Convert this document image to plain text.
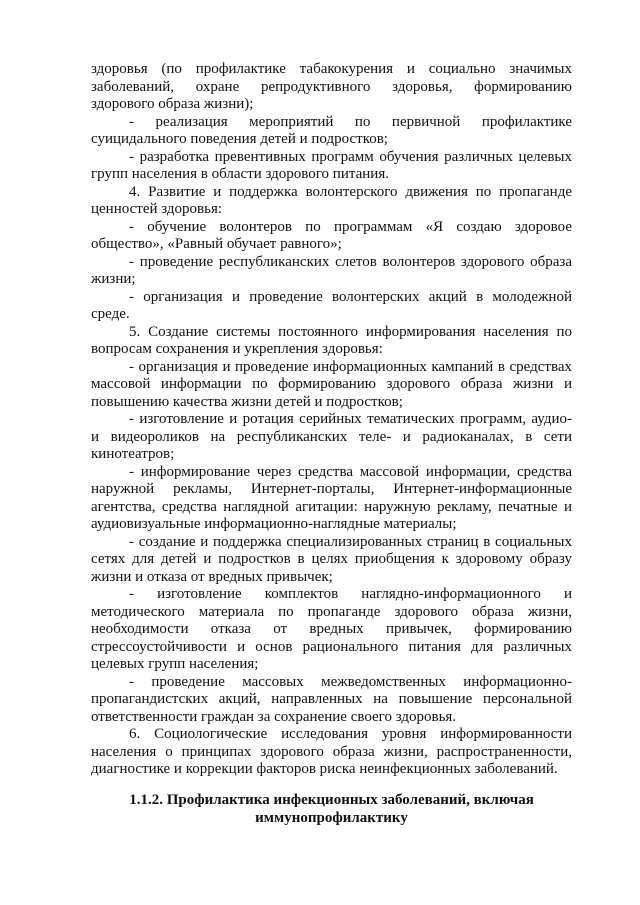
здоровья (по профилактике табакокурения и социально значимых
заболеваний, охране репродуктивного здоровья, формированию
здорового образа жизни);
- реализация мероприятий по первичной профилактике
суицидального поведения детей и подростков;
- разработка превентивных программ обучения различных целевых
групп населения в области здорового питания.
4. Развитие и поддержка волонтерского движения по пропаганде
ценностей здоровья:
- обучение волонтеров по программам «Я создаю здоровое
общество», «Равный обучает равного»;
- проведение республиканских слетов волонтеров здорового образа
жизни;
- организация и проведение волонтерских акций в молодежной
среде.
5. Создание системы постоянного информирования населения по
вопросам сохранения и укрепления здоровья:
- организация и проведение информационных кампаний в средствах
массовой информации по формированию здорового образа жизни и
повышению качества жизни детей и подростков;
- изготовление и ротация серийных тематических программ, аудио-
и видеороликов на республиканских теле- и радиоканалах, в сети
кинотеатров;
- информирование через средства массовой информации, средства
наружной рекламы, Интернет-порталы, Интернет-информационные
агентства, средства наглядной агитации: наружную рекламу, печатные и
аудиовизуальные информационно-наглядные материалы;
- создание и поддержка специализированных страниц в социальных
сетях для детей и подростков в целях приобщения к здоровому образу
жизни и отказа от вредных привычек;
- изготовление комплектов наглядно-информационного и
методического материала по пропаганде здорового образа жизни,
необходимости отказа от вредных привычек, формированию
стрессоустойчивости и основ рационального питания для различных
целевых групп населения;
- проведение массовых межведомственных информационно-
пропагандистских акций, направленных на повышение персональной
ответственности граждан за сохранение своего здоровья.
6. Социологические исследования уровня информированности
населения о принципах здорового образа жизни, распространенности,
диагностике и коррекции факторов риска неинфекционных заболеваний.
1.1.2. Профилактика инфекционных заболеваний, включая
иммунопрофилактику
